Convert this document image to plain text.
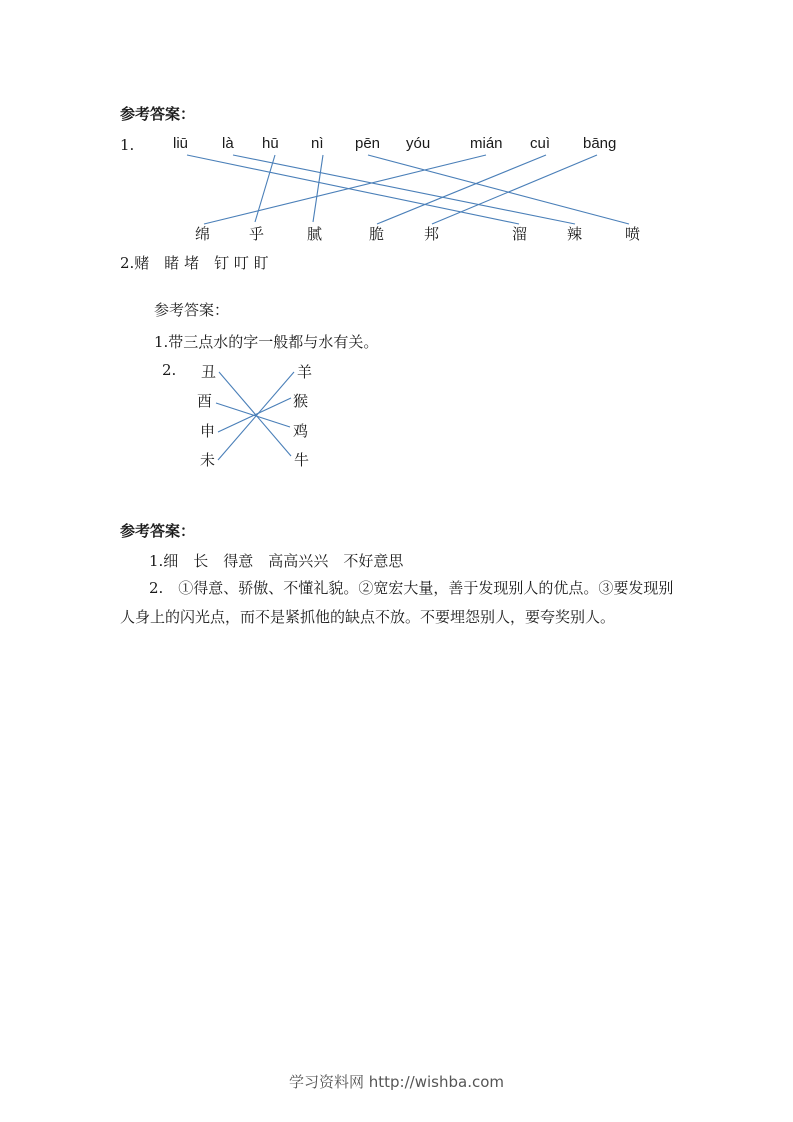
参考答案：
1.	liū là hū nì pēn yóu	mián cuì bāng
绵	乎	腻	脆	邦	溜	辣	喷
2.赌　睹 堵　钉 叮 盯
参考答案：
1.带三点水的字一般都与水有关。
2. 丑
酉
申
未
羊
猴
鸡
牛
参考答案：
1.细　长　得意　高高兴兴　不好意思
2.　①得意、骄傲、不懂礼貌。②宽宏大量，善于发现别人的优点。③要发现别人身上的闪光点，而不是紧抓他的缺点不放。不要埋怨别人，要夸奖别人。
学习资料网 http://wishba.com
